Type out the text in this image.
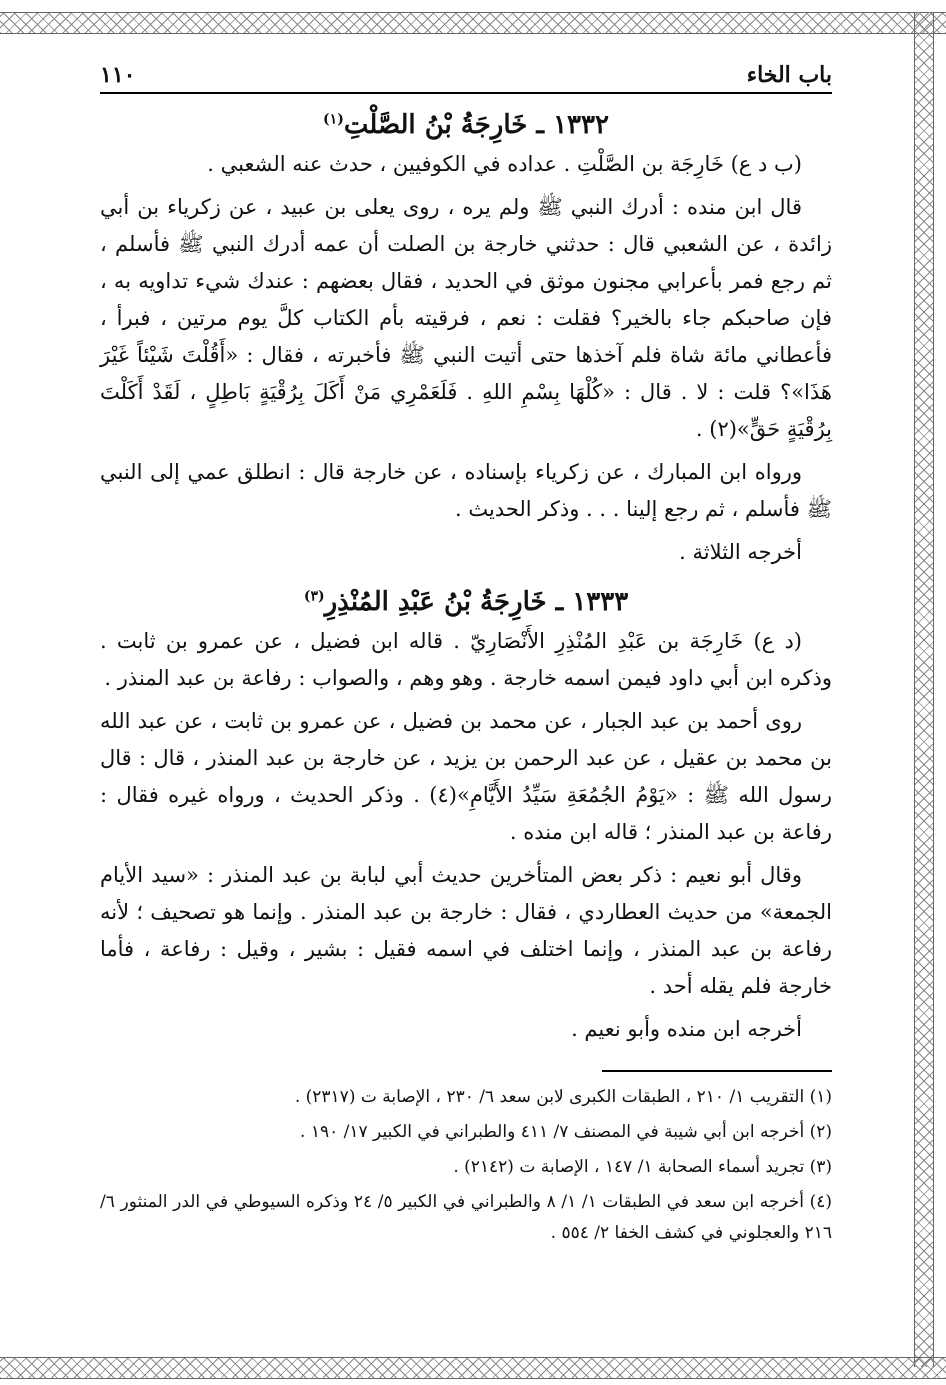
باب الخاء
١١٠
١٣٣٢ ـ خَارِجَةُ بْنُ الصَّلْتِ$^{(١)}$

(ب د ع) خَارِجَة بن الصَّلْتِ . عداده في الكوفيين ، حدث عنه الشعبي .

قال ابن منده : أدرك النبي ﷺ ولم يره ، روى يعلى بن عبيد ، عن زكرياء بن أبي زائدة ، عن الشعبي قال : حدثني خارجة بن الصلت أن عمه أدرك النبي ﷺ فأسلم ، ثم رجع فمر بأعرابي مجنون موثق في الحديد ، فقال بعضهم : عندك شيء تداويه به ، فإن صاحبكم جاء بالخير؟ فقلت : نعم ، فرقيته بأم الكتاب كلَّ يوم مرتين ، فبرأ ، فأعطاني مائة شاة فلم آخذها حتى أتيت النبي ﷺ فأخبرته ، فقال : «أَقُلْتَ شَيْئاً غَيْرَ هَذَا»؟ قلت : لا . قال : «كُلْهَا بِسْمِ اللهِ . فَلَعَمْرِي مَنْ أَكَلَ بِرُقْيَةٍ بَاطِلٍ ، لَقَدْ أَكَلْتَ بِرُقْيَةٍ حَقٍّ»(٢) .

ورواه ابن المبارك ، عن زكرياء بإسناده ، عن خارجة قال : انطلق عمي إلى النبي ﷺ فأسلم ، ثم رجع إلينا . . . وذكر الحديث .

أخرجه الثلاثة .

١٣٣٣ ـ خَارِجَةُ بْنُ عَبْدِ المُنْذِرِ$^{(٣)}$

(د ع) خَارِجَة بن عَبْدِ المُنْذِرِ الأَنْصَارِيّ . قاله ابن فضيل ، عن عمرو بن ثابت . وذكره ابن أبي داود فيمن اسمه خارجة . وهو وهم ، والصواب : رفاعة بن عبد المنذر .

روى أحمد بن عبد الجبار ، عن محمد بن فضيل ، عن عمرو بن ثابت ، عن عبد الله بن محمد بن عقيل ، عن عبد الرحمن بن يزيد ، عن خارجة بن عبد المنذر ، قال : قال رسول الله ﷺ : «يَوْمُ الجُمُعَةِ سَيِّدُ الأَيَّامِ»(٤) . وذكر الحديث ، ورواه غيره فقال : رفاعة بن عبد المنذر ؛ قاله ابن منده .

وقال أبو نعيم : ذكر بعض المتأخرين حديث أبي لبابة بن عبد المنذر : «سيد الأيام الجمعة» من حديث العطاردي ، فقال : خارجة بن عبد المنذر . وإنما هو تصحيف ؛ لأنه رفاعة بن عبد المنذر ، وإنما اختلف في اسمه فقيل : بشير ، وقيل : رفاعة ، فأما خارجة فلم يقله أحد .

أخرجه ابن منده وأبو نعيم .

(١) التقريب ١/ ٢١٠ ، الطبقات الكبرى لابن سعد ٦/ ٢٣٠ ، الإصابة ت (٢٣١٧) .

(٢) أخرجه ابن أبي شيبة في المصنف ٧/ ٤١١ والطبراني في الكبير ١٧/ ١٩٠ .

(٣) تجريد أسماء الصحابة ١/ ١٤٧ ، الإصابة ت (٢١٤٢) .

(٤) أخرجه ابن سعد في الطبقات ١/ ١/ ٨ والطبراني في الكبير ٥/ ٢٤ وذكره السيوطي في الدر المنثور ٦/ ٢١٦ والعجلوني في كشف الخفا ٢/ ٥٥٤ .
